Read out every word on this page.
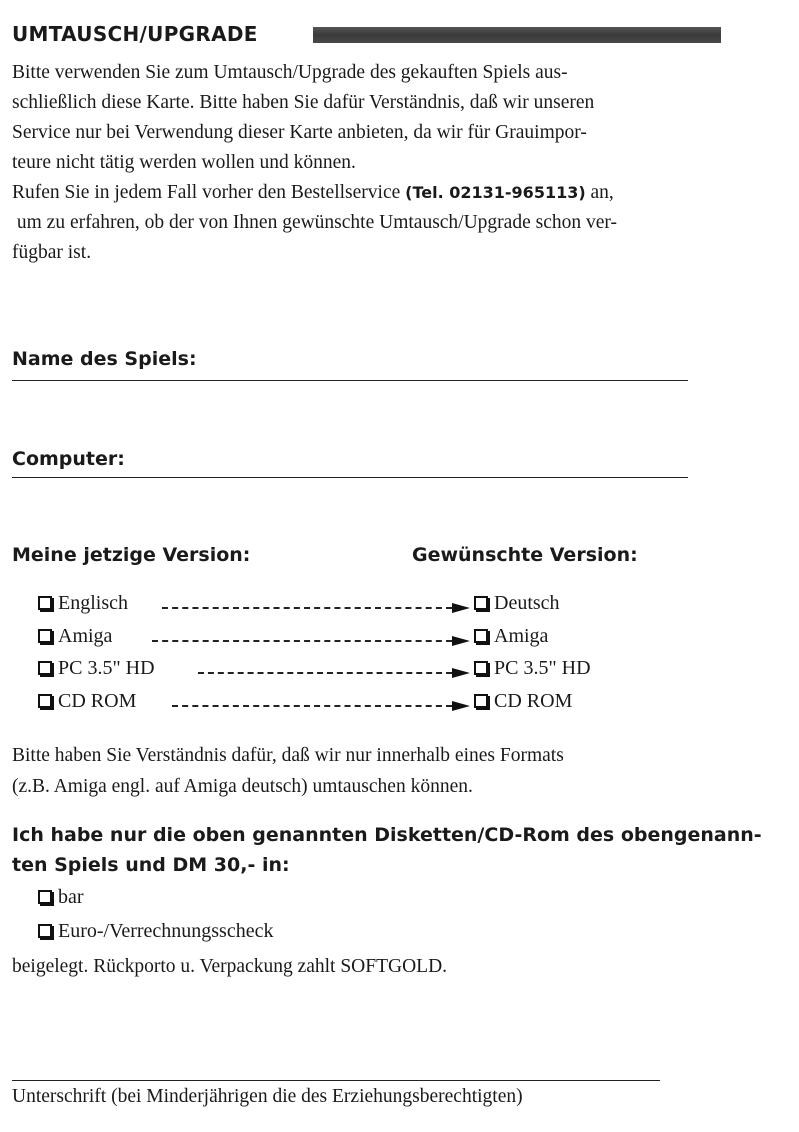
UMTAUSCH/UPGRADE

Bitte verwenden Sie zum Umtausch/Upgrade des gekauften Spiels aus-

schließlich diese Karte. Bitte haben Sie dafür Verständnis, daß wir unseren

Service nur bei Verwendung dieser Karte anbieten, da wir für Grauimpor-

teure nicht tätig werden wollen und können.

Rufen Sie in jedem Fall vorher den Bestellservice (Tel. 02131-965113) an,

um zu erfahren, ob der von Ihnen gewünschte Umtausch/Upgrade schon ver-

fügbar ist.

Name des Spiels:
Computer:
Meine jetzige Version:	Gewünschte Version:
Englisch	Deutsch
Amiga	Amiga
PC 3.5" HD	PC 3.5" HD
CD ROM	CD ROM

Bitte haben Sie Verständnis dafür, daß wir nur innerhalb eines Formats

(z.B. Amiga engl. auf Amiga deutsch) umtauschen können.

Ich habe nur die oben genannten Disketten/CD-Rom des obengenann-
ten Spiels und DM 30,- in:
bar
Euro-/Verrechnungsscheck
beigelegt. Rückporto u. Verpackung zahlt SOFTGOLD.
Unterschrift (bei Minderjährigen die des Erziehungsberechtigten)
